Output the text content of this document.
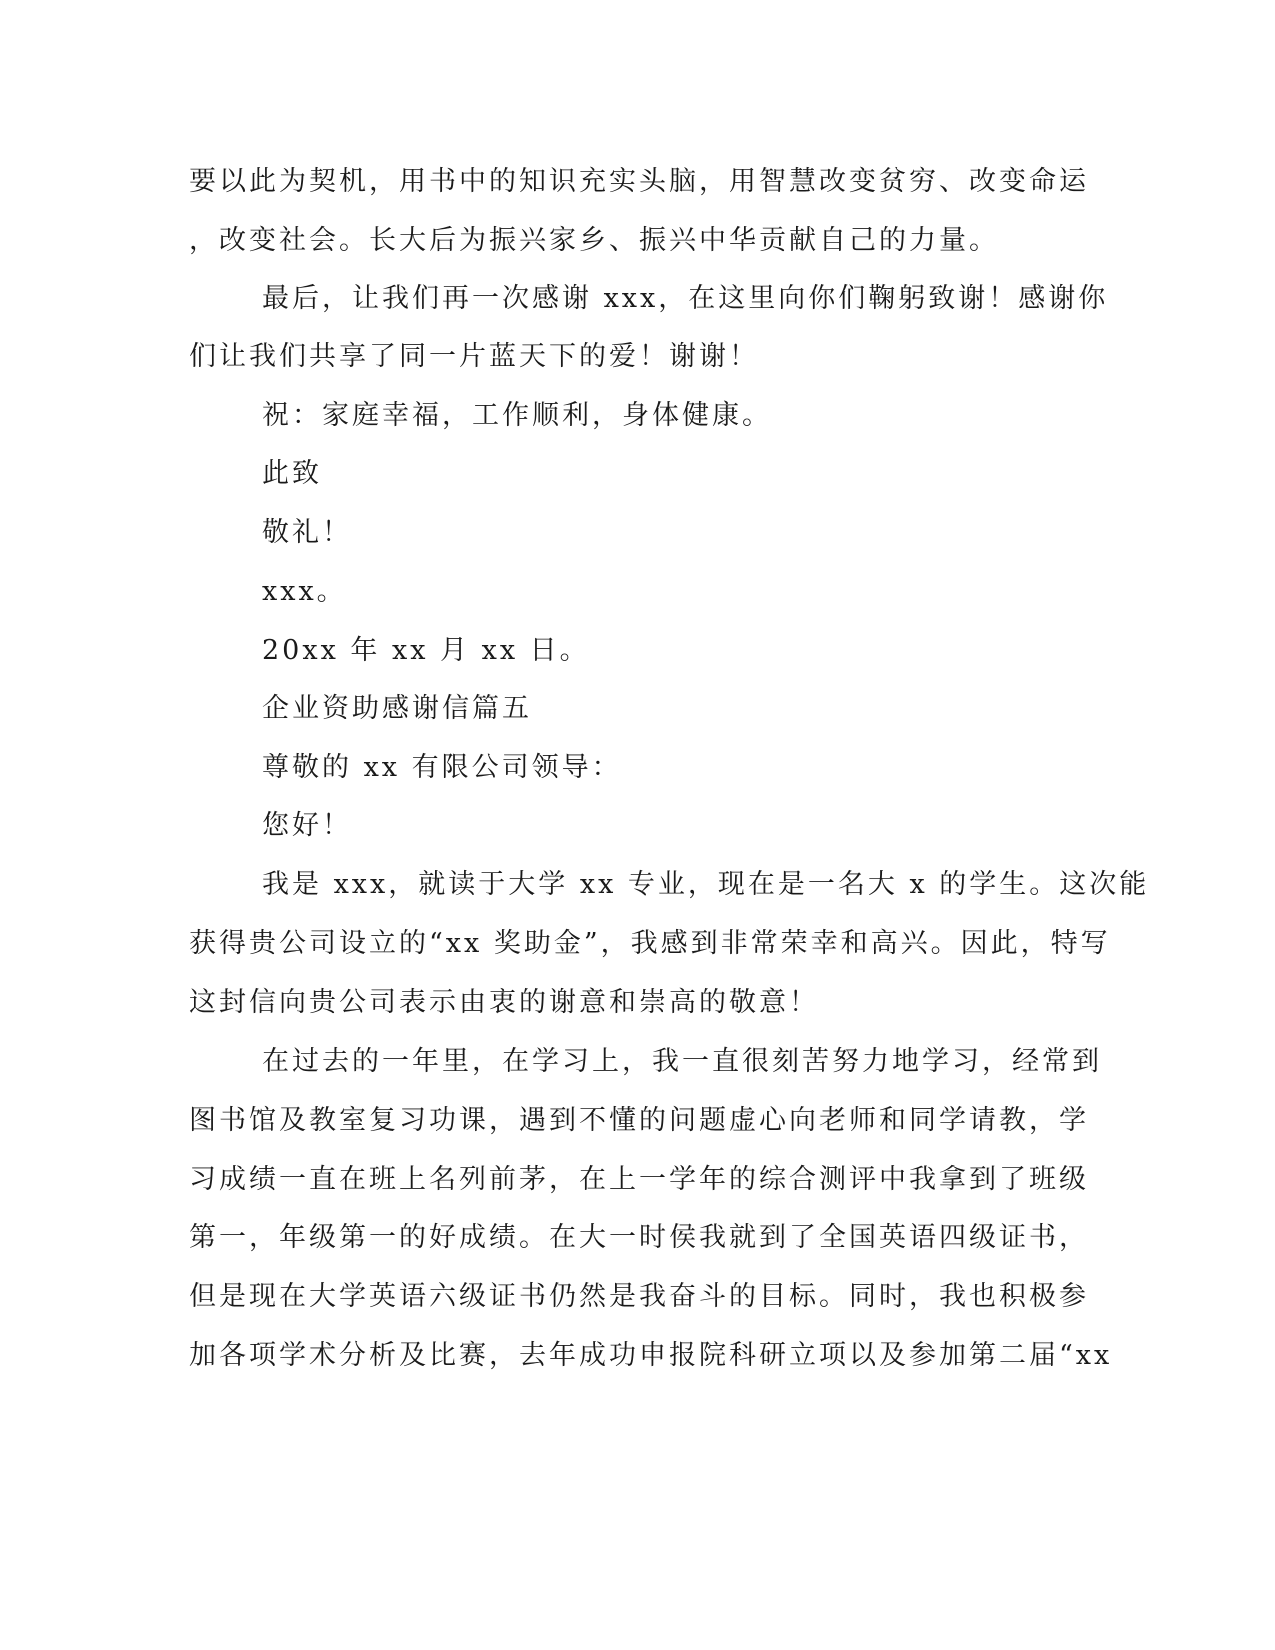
要以此为契机，用书中的知识充实头脑，用智慧改变贫穷、改变命运
，改变社会。长大后为振兴家乡、振兴中华贡献自己的力量。
最后，让我们再一次感谢 xxx，在这里向你们鞠躬致谢！感谢你
们让我们共享了同一片蓝天下的爱！谢谢！
祝：家庭幸福，工作顺利，身体健康。
此致
敬礼！
xxx。
20xx 年 xx 月 xx 日。
企业资助感谢信篇五
尊敬的 xx 有限公司领导：
您好！
我是 xxx，就读于大学 xx 专业，现在是一名大 x 的学生。这次能
获得贵公司设立的“xx 奖助金”，我感到非常荣幸和高兴。因此，特写
这封信向贵公司表示由衷的谢意和崇高的敬意！
在过去的一年里，在学习上，我一直很刻苦努力地学习，经常到
图书馆及教室复习功课，遇到不懂的问题虚心向老师和同学请教，学
习成绩一直在班上名列前茅，在上一学年的综合测评中我拿到了班级
第一，年级第一的好成绩。在大一时侯我就到了全国英语四级证书，
但是现在大学英语六级证书仍然是我奋斗的目标。同时，我也积极参
加各项学术分析及比赛，去年成功申报院科研立项以及参加第二届“xx
